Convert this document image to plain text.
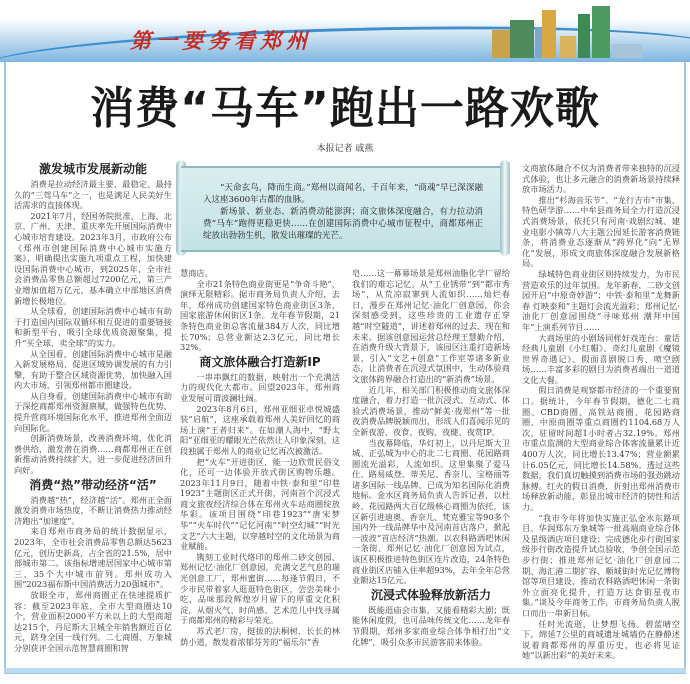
第一要务看郑州
消费“马车”跑出一路欢歌
本报记者 戚燕

“天命玄鸟，降而生商。”郑州以商闻名，千百年来，“商魂”早已深深融入这座3600年古都的血脉。

新场景、新业态、新消费动能澎湃；商文旅体深度融合，有力拉动消费“马车”跑得更稳更快……在创建国际消费中心城市征程中，商都郑州正绽放出勃勃生机，散发出璀璨的光芒。

激发城市发展新动能

消费是拉动经济最主要、最稳定、最持久的“三驾马车”之一，也是满足人民美好生活需求的直接体现。

2021年7月，经国务院批准，上海、北京、广州、天津、重庆率先开展国际消费中心城市培育建设。2023年3月，市政府公布《郑州市创建国际消费中心城市实施方案》，明确提出实施九项重点工程，加快建设国际消费中心城市，到2025年，全市社会消费品零售总额超过7200亿元，第三产业增加值超万亿元，基本确立中部地区消费新增长极地位。

从全球看，创建国际消费中心城市有助于打造国内国际双循环相互促进的重要链接和新型平台，吸引全球优质资源聚集，提升“买全球、卖全球”的实力。

从全国看，创建国际消费中心城市是融入新发展格局、促进区域协调发展的有力引擎，有助于整合区域资源优势，加快融入国内大市场，引领郑州都市圈建设。

从自身看，创建国际消费中心城市有助于深挖商都郑州资源禀赋，做强特色优势，提升营商环境国际化水平，推进郑州全面迈向国际化。

创新消费场景，改善消费环境，优化消费供给，激发潜在消费……商都郑州正在创新推动消费持续扩大，进一步促进经济回升向好。

消费“热”带动经济“活”

消费越“热”，经济越“活”。郑州正全面激发消费市场热度，不断让消费热力推动经济跑出“加速度”。

来自郑州市商务局的统计数据显示，2023年，全市社会消费品零售总额达5623亿元，创历史新高，占全省的21.5%，居中部城市第二。该指标增速居国家中心城市第三、35个大中城市前列。郑州成功入围“2023福布斯中国消费活力20强城市”。

放眼全市，郑州商圈正在快速提质扩容：截至2023年底，全市大型商圈达10个，营业面积2000平方米以上的大型商超达215个，丹尼斯大卫城全年销售额近百亿元，跻身全国一线行列。二七商圈、万象城分别获评全国示范智慧商圈和智

慧商店。

全市21条特色商业街更是“争奇斗艳”，演绎无限精彩。据市商务局负责人介绍，去年，郑州成功创建国家特色商业街区3条、国家旅游休闲街区1条。龙年春节假期，21条特色商业街总客流量384万人次，同比增长70%；总营业额达2.3亿元，同比增长32%。

商文旅体融合打造新IP

一串串飘红的数据，映射出一个充满活力的现代化大都市。回望2023年，郑州商业发展可谓波澜壮阔。

2023年8月6日，郑州亚细亚卓悦城盛装“启航”，这座承载着郑州人美好回忆的商场上演“王者归来”。在如潮人海中，“野太阳”亚细亚的耀眼光芒依然让人印象深刻，这段独属于郑州人的商业记忆再次被激活。

把“火车”开进街区，能一边欣赏民俗文化，还可一边体验开放式街区购物乐趣。2023年11月9日，随着中铁·泰和里“印巷1923”主题街区正式开街，河南首个沉浸式商文旅夜经济综合体在郑州火车站商圈绽放华彩。该项目围绕“印巷1923”“唐宋梦华”“火车时代”“记忆河南”“时空幻城”“时光文艺”六大主题，以穿越时空的文化场景为商业赋能。

镌刻工业时代烙印的郑州二砂文创园、郑州记忆·油化厂创意园，充满文艺气息的瑞光创意工厂，郑州蜜街……每逢节假日，不少市民带着家人逛逛特色街区，尝尝美味小吃，品味那段辉煌岁月留下的厚重文化积淀，从烟火气、时尚感、艺术范儿中找寻属于商都郑州的精彩与荣光。

苏式老厂房，挺拔的法桐树，长长的林荫小道，散发着浓郁芬芳的“福乐尔”香

皂……这一幕幕场景是郑州油脂化学厂留给我们的难忘记忆。从“工业锈带”到“都市秀场”，从荒凉寂寥到人流如织……灿烂春日，漫步在郑州记忆·油化厂创意园，你会深刻感受到，这些珍贵的工业遗存正穿越“时空隧道”，讲述着郑州的过去、现在和未来。据该创意园运营总经理王慧勤介绍，在消费升级大背景下，该园区注重打造新场景，引入“文艺+创意”工作室等诸多新业态，让消费者在沉浸式氛围中，生动体验商文旅体跨界融合打造出的“新消费”场景。

近几年，相关部门积极推动商文旅体深度融合，着力打造一批沉浸式、互动式、体验式消费场景，推动“鲜美·夜郑州”等一批夜消费品牌脱颖而出，形成人们喜闻乐见的全新夜游、夜食、夜购、夜健、夜赏IP。

当夜幕降临，华灯初上，以丹尼斯大卫城、正弘城为中心的北二七商圈、花园路商圈流光溢彩，人流如织。这里集聚了爱马仕、路易威登、蒂芙尼、香奈儿、宝格丽等诸多国际一线品牌，已成为知名国际化消费地标。金水区商务局负责人告诉记者，以杜岭、花园路两大百亿级核心商圈为依托，该区新引进迪奥、香奈儿、梵克雅宝等90多个国内外一线品牌华中及河南首店落户，掀起一波波“首店经济”热潮。以农科路酒吧休闲一条街、郑州记忆·油化厂创意园为试点，该区积极推进特色街区连片改造，24条特色商业街区店铺入住率超93%，去年全年总营业额达15亿元。

沉浸式体验释放新活力

既能逛庙会市集，又能看精彩大剧；既能休闲度假，也可品味传统文化……龙年春节假期，郑州多家商业综合体争相打出“文化牌”，吸引众多市民游客前来体验。

文商旅体融合不仅为消费者带来独特的沉浸式体验，也让多元融合的消费新场景持续释放市场活力。

推出“杉海音乐节”、“龙行吉市”市集、特色研学游……中牟县商务局全力打造沉浸式消费场景，依托只有河南·戏剧幻城、建业电影小镇等八大主题公园延长游客消费链条，将消费业态逐渐从“跨界化”向“无界化”发展，形成文商旅体深度融合发展新格局。

绿城特色商业街区则持续发力，为市民营造欢乐的过年氛围。龙年新春，二砂文创园开启“中原奇妙游”；中铁·泰和里“龙舞新春 灯映泰和”主题灯会流光溢彩；郑州记忆·油化厂创意园围绕“寻味郑州 潮拜中国年”上演系列节目……

大商场里的小剧场同样好戏连台：童话经典儿童剧《小红帽》、奇幻儿童剧《魔镜世界奇遇记》、假面喜剧脱口秀、喷空剧场……丰富多彩的剧目为消费者端出一道道文化大餐。

假日消费是观察都市经济的一个重要窗口。据统计，今年春节假期，德化二七商圈、CBD商圈、高铁站商圈、花园路商圈、中原商圈等重点商圈约1104.68万人次，驻留时间超1小时者占32.19%。郑州市重点监测的大型商业综合体客流量累计近400万人次，同比增长13.47%；营业额累计6.05亿元，同比增长14.58%。透过这些数据，我们真切触摸到消费市场的强劲跳动脉搏。红火的假日消费，折射出郑州消费市场释放新动能，彰显出城市经济的韧性和活力。

“我市今年将加快实施正弘金水东路项目、华润郑东万象城等一批高端商业综合体及星级酒店项目建设；完成德化步行街国家级步行街改造提升试点验收，争创全国示范步行街；推进郑州记忆·油化厂创意园二期、海汇港二期扩容、顺城街时光记忆博物馆等项目建设，推动农科路酒吧休闲一条街外立面亮化提升，打造万达食街星夜市集。”谈及今年商务工作，市商务局负责人脱口而出一串新目标。

任时光流逝，让梦想飞扬。碧蓝晴空下，绵延7公里的商城遗址城墙仍在静静述说着商都郑州的厚重历史，也必将见证她“以新出彩”的美好未来。
